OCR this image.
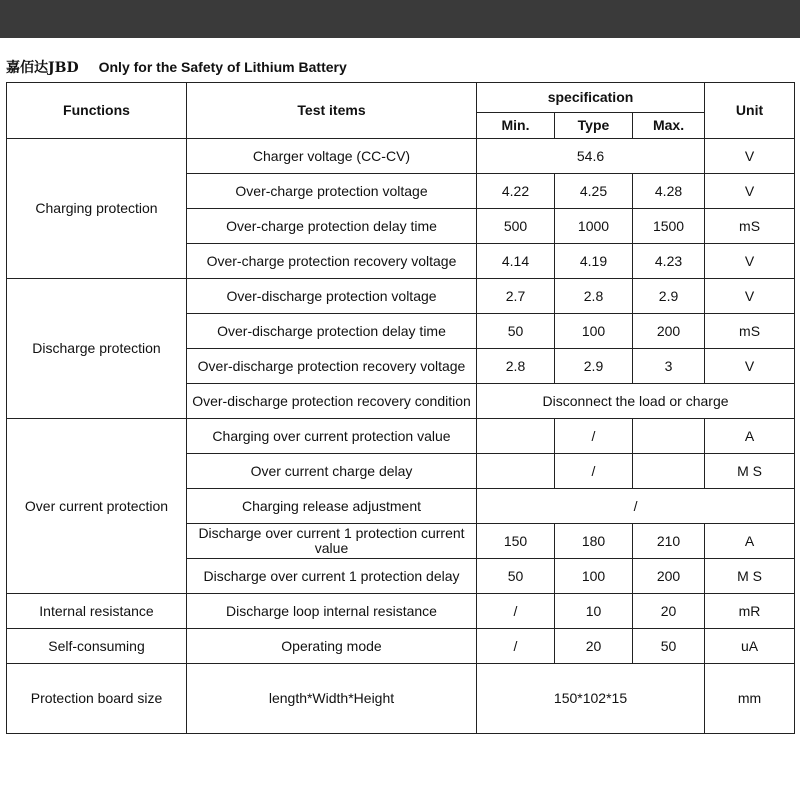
嘉佰达JBD Only for the Safety of Lithium Battery
Functions	Test items	specification			Unit
		Min.	Type	Max.	
Charging protection	Charger voltage (CC-CV)	54.6			V
	Over-charge protection voltage	4.22	4.25	4.28	V
	Over-charge protection delay time	500	1000	1500	mS
	Over-charge protection recovery voltage	4.14	4.19	4.23	V
Discharge protection	Over-discharge protection voltage	2.7	2.8	2.9	V
	Over-discharge protection delay time	50	100	200	mS
	Over-discharge protection recovery voltage	2.8	2.9	3	V
	Over-discharge protection recovery condition	Disconnect the load or charge			
Over current protection	Charging over current protection value		/		A
	Over current charge delay		/		M S
	Charging release adjustment	/			
	Discharge over current 1 protection current value	150	180	210	A
	Discharge over current 1 protection delay	50	100	200	M S
Internal resistance	Discharge loop internal resistance	/	10	20	mR
Self-consuming	Operating mode	/	20	50	uA
Protection board size	length*Width*Height	150*102*15			mm
